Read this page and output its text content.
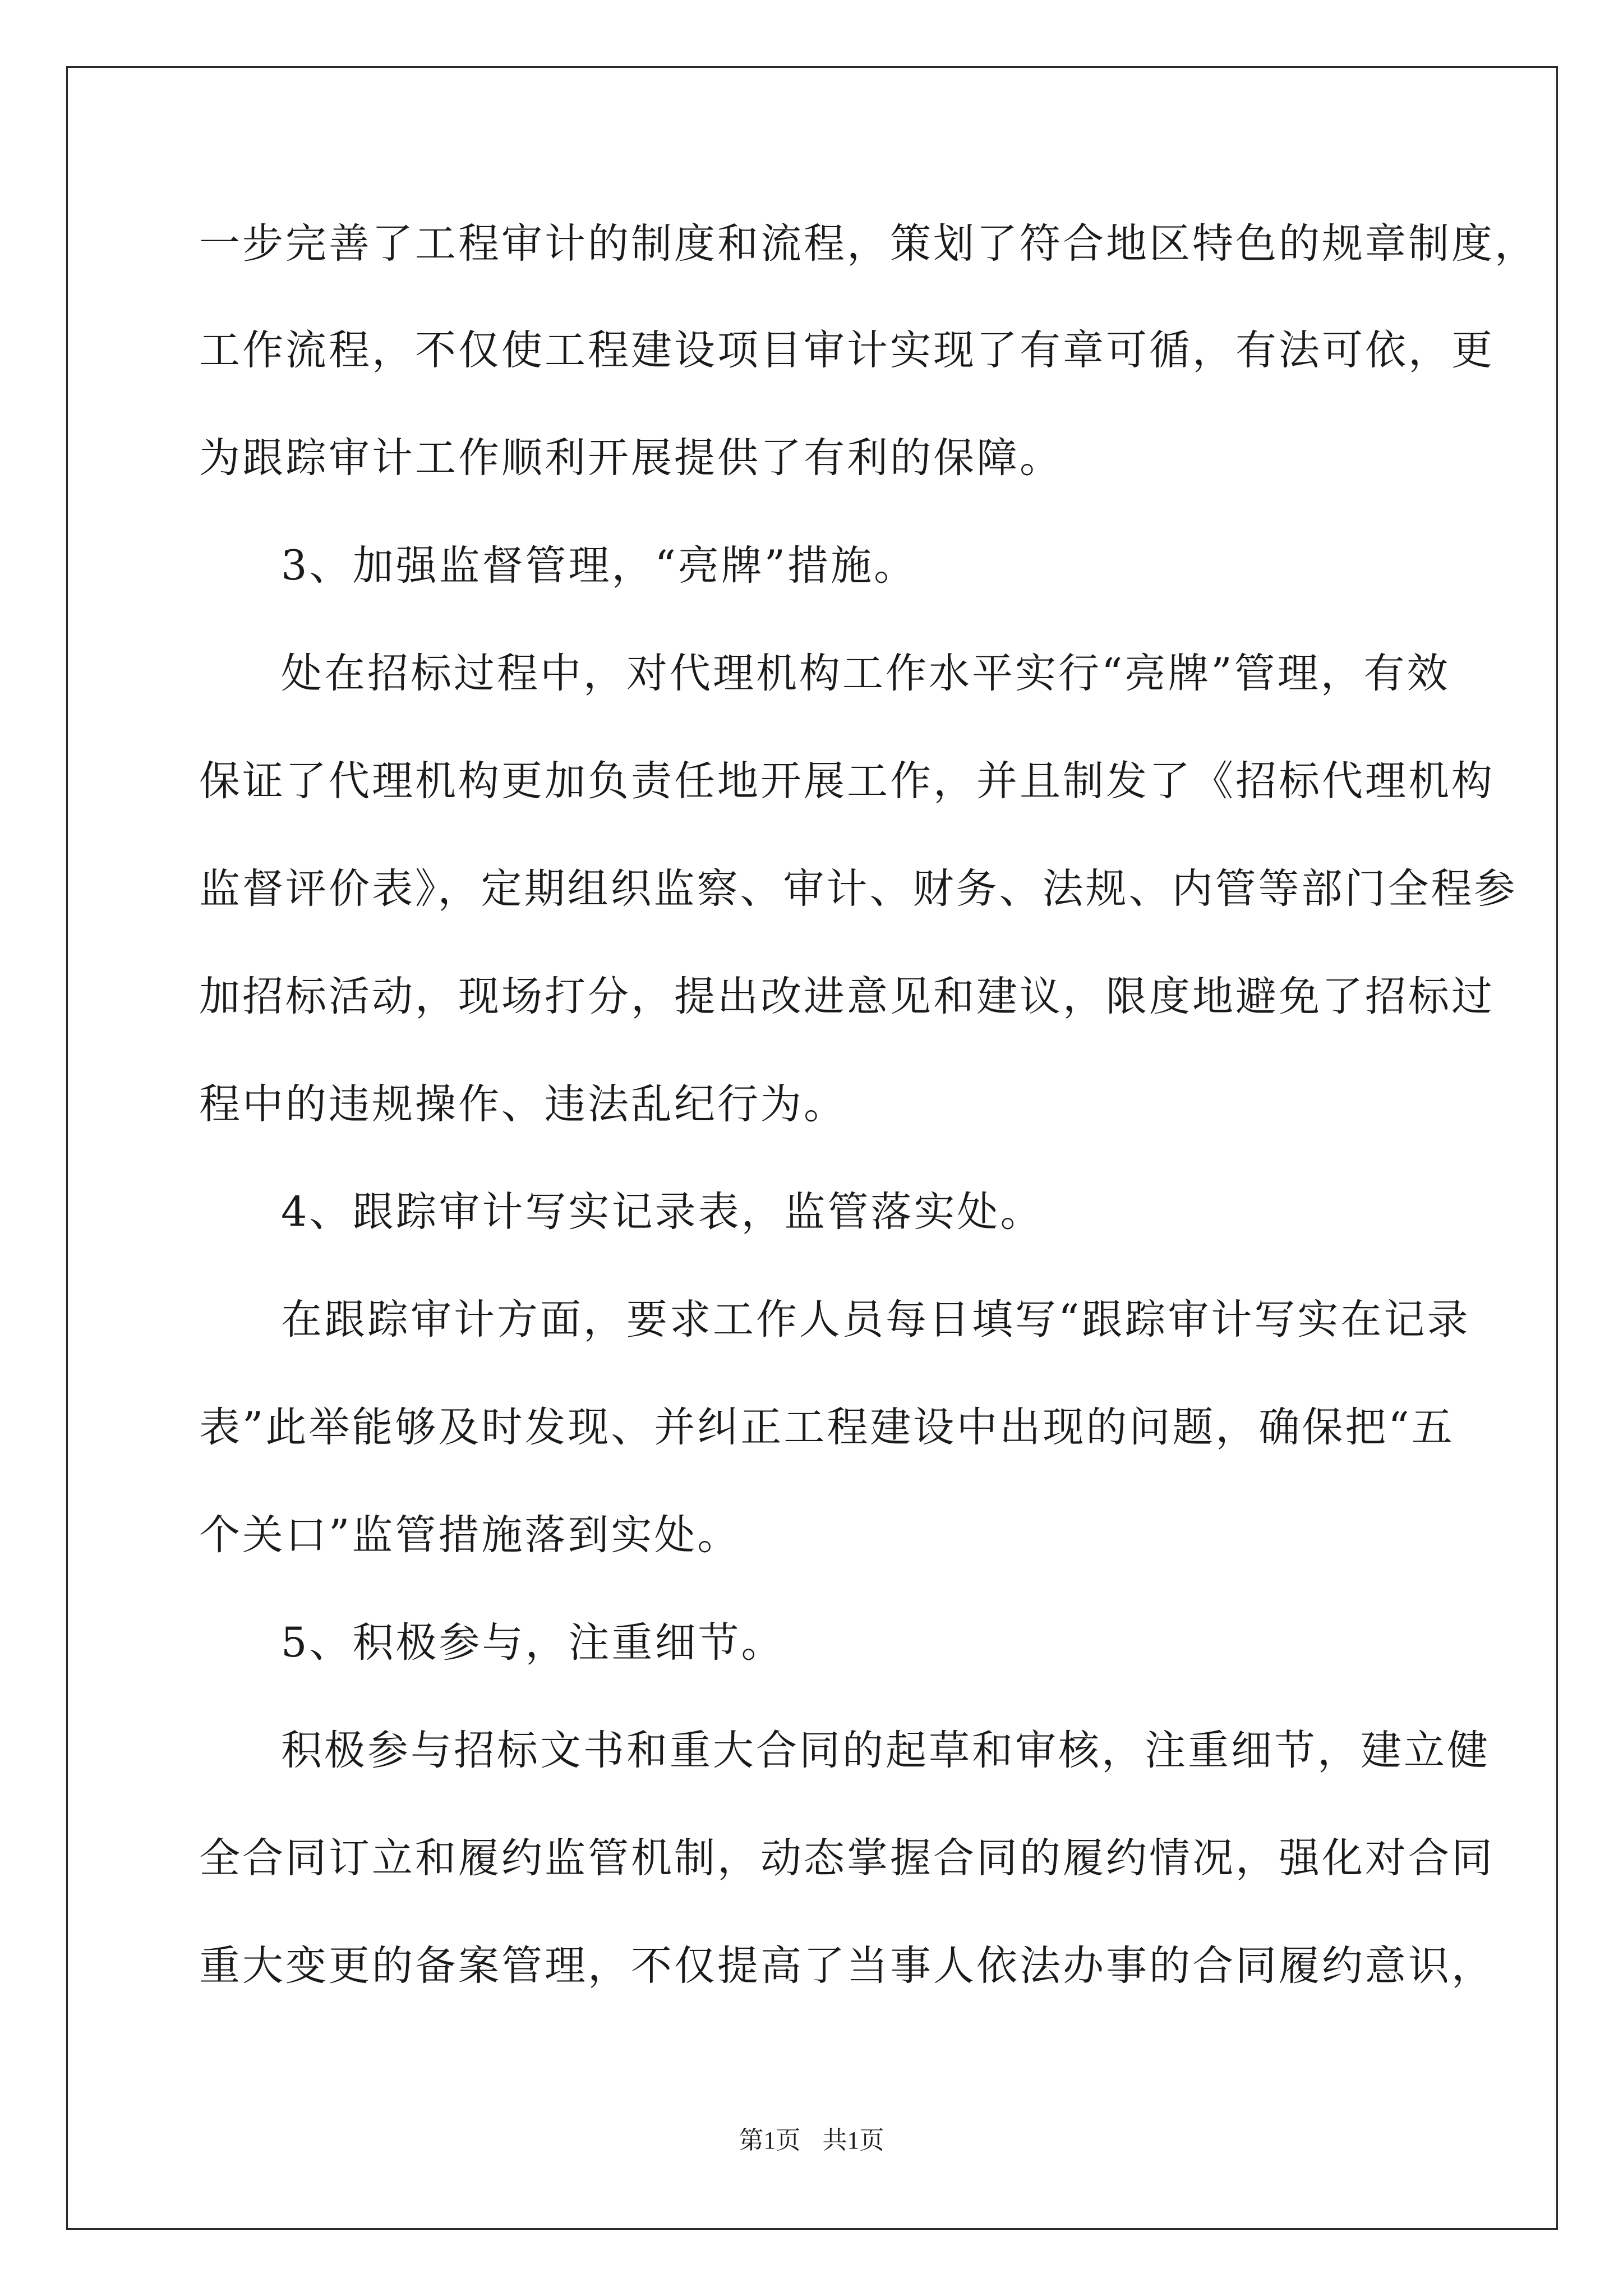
一步完善了工程审计的制度和流程，策划了符合地区特色的规章制度，
工作流程，不仅使工程建设项目审计实现了有章可循，有法可依，更
为跟踪审计工作顺利开展提供了有利的保障。
3、加强监督管理，“亮牌”措施。
处在招标过程中，对代理机构工作水平实行“亮牌”管理，有效
保证了代理机构更加负责任地开展工作，并且制发了《招标代理机构
监督评价表》，定期组织监察、审计、财务、法规、内管等部门全程参
加招标活动，现场打分，提出改进意见和建议，限度地避免了招标过
程中的违规操作、违法乱纪行为。
4、跟踪审计写实记录表，监管落实处。
在跟踪审计方面，要求工作人员每日填写“跟踪审计写实在记录
表”此举能够及时发现、并纠正工程建设中出现的问题，确保把“五
个关口”监管措施落到实处。
5、积极参与，注重细节。
积极参与招标文书和重大合同的起草和审核，注重细节，建立健
全合同订立和履约监管机制，动态掌握合同的履约情况，强化对合同
重大变更的备案管理，不仅提高了当事人依法办事的合同履约意识，
第1页 共1页
